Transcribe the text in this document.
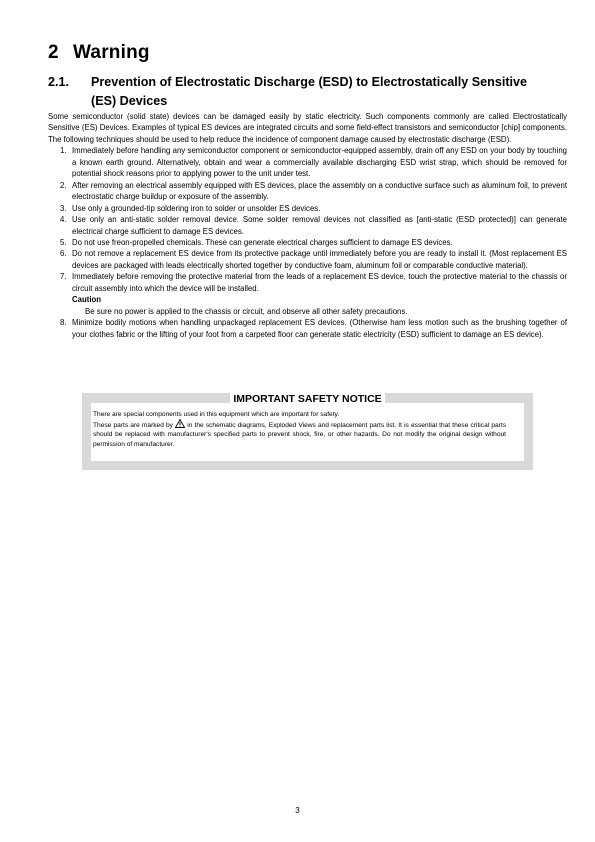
2 Warning
2.1. Prevention of Electrostatic Discharge (ESD) to Electrostatically Sensitive (ES) Devices

Some semiconductor (solid state) devices can be damaged easily by static electricity. Such components commonly are called Electrostatically Sensitive (ES) Devices. Examples of typical ES devices are integrated circuits and some field-effect transistors and semiconductor [chip] components. The following techniques should be used to help reduce the incidence of component damage caused by electrostatic discharge (ESD).

1. Immediately before handling any semiconductor component or semiconductor-equipped assembly, drain off any ESD on your body by touching a known earth ground. Alternatively, obtain and wear a commercially available discharging ESD wrist strap, which should be removed for potential shock reasons prior to applying power to the unit under test.
2. After removing an electrical assembly equipped with ES devices, place the assembly on a conductive surface such as aluminum foil, to prevent electrostatic charge buildup or exposure of the assembly.
3. Use only a grounded-tip soldering iron to solder or unsolder ES devices.
4. Use only an anti-static solder removal device. Some solder removal devices not classified as [anti-static (ESD protected)] can generate electrical charge sufficient to damage ES devices.
5. Do not use freon-propelled chemicals. These can generate electrical charges sufficient to damage ES devices.
6. Do not remove a replacement ES device from its protective package until immediately before you are ready to install it. (Most replacement ES devices are packaged with leads electrically shorted together by conductive foam, aluminum foil or comparable conductive material).
7. Immediately before removing the protective material from the leads of a replacement ES device, touch the protective material to the chassis or circuit assembly into which the device will be installed.
Caution
Be sure no power is applied to the chassis or circuit, and observe all other safety precautions.
8. Minimize bodily motions when handling unpackaged replacement ES devices. (Otherwise ham less motion such as the brushing together of your clothes fabric or the lifting of your foot from a carpeted floor can generate static electricity (ESD) sufficient to damage an ES device).
IMPORTANT SAFETY NOTICE
There are special components used in this equipment which are important for safety.
These parts are marked by in the schematic diagrams, Exploded Views and replacement parts list. It is essential that these critical parts should be replaced with manufacturer's specified parts to prevent shock, fire, or other hazards. Do not modify the original design without permission of manufacturer.
3
